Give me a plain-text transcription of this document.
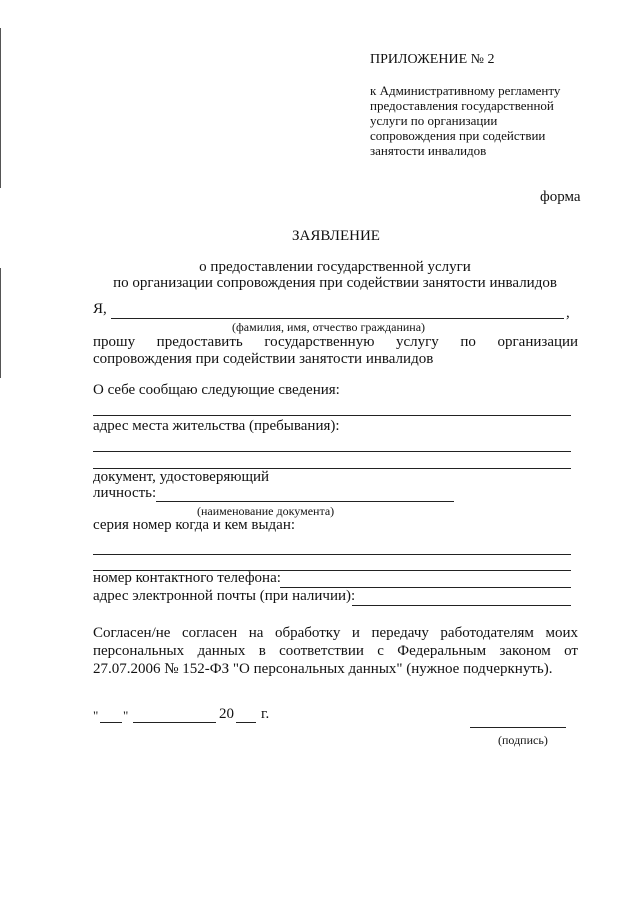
ПРИЛОЖЕНИЕ № 2
к Административному регламенту
предоставления государственной
услуги по организации
сопровождения при содействии
занятости инвалидов
форма
ЗАЯВЛЕНИЕ
о предоставлении государственной услуги
по организации сопровождения при содействии занятости инвалидов
Я,	,
(фамилия, имя, отчество гражданина)
прошу предоставить государственную услугу по организации
сопровождения при содействии занятости инвалидов
О себе сообщаю следующие сведения:
адрес места жительства (пребывания):
документ, удостоверяющий
личность:
(наименование документа)
серия номер когда и кем выдан:
номер контактного телефона:
адрес электронной почты (при наличии):
Согласен/не согласен на обработку и передачу работодателям моих
персональных данных в соответствии с Федеральным законом от
27.07.2006 № 152-ФЗ "О персональных данных" (нужное подчеркнуть).
" "	20 г.
(подпись)
